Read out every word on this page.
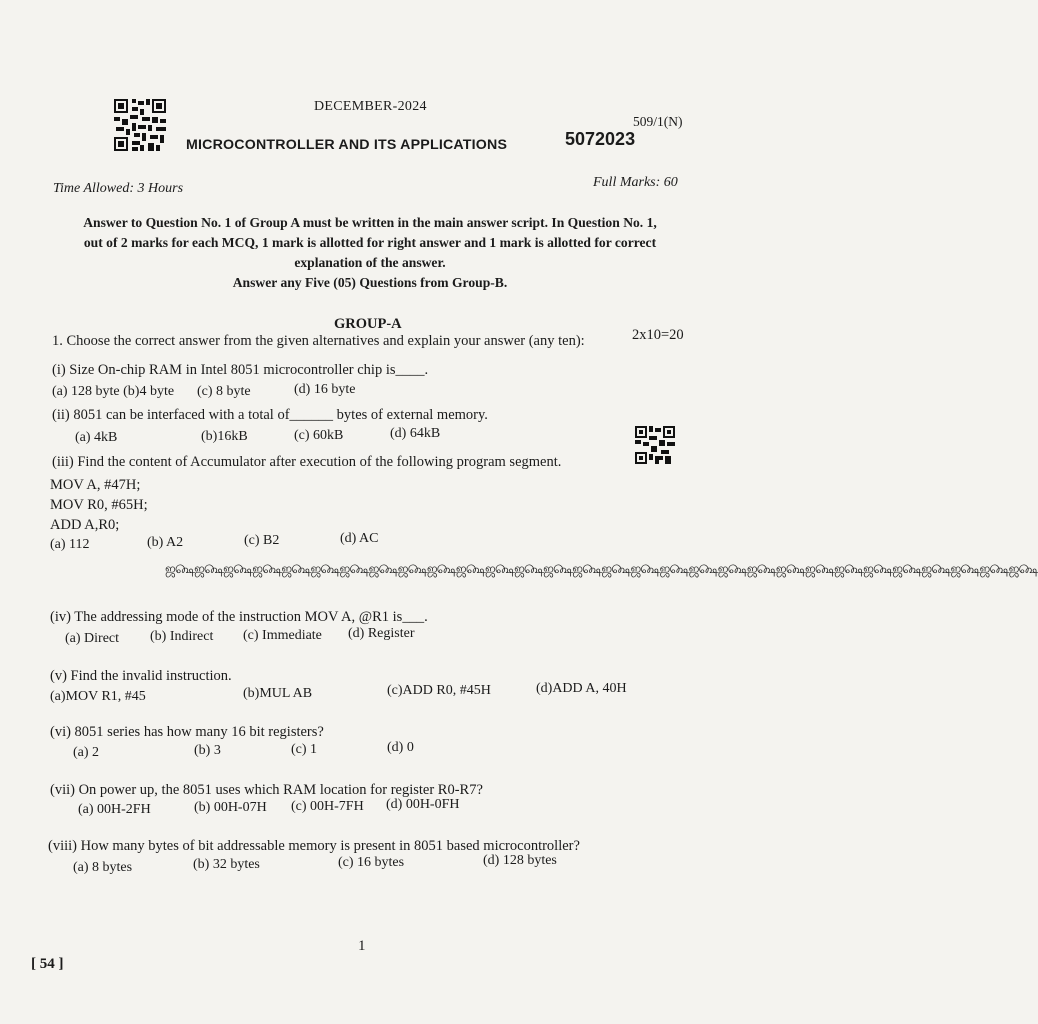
DECEMBER-2024
509/1(N)
MICROCONTROLLER AND ITS APPLICATIONS	5072023
Time Allowed: 3 Hours	Full Marks: 60
Answer to Question No. 1 of Group A must be written in the main answer script. In Question No. 1,
out of 2 marks for each MCQ, 1 mark is allotted for right answer and 1 mark is allotted for correct
explanation of the answer.
Answer any Five (05) Questions from Group-B.
GROUP-A
1. Choose the correct answer from the given alternatives and explain your answer (any ten):	2x10=20
(i) Size On-chip RAM in Intel 8051 microcontroller chip is____.
(a) 128 byte (b)4 byte (c) 8 byte	(d) 16 byte
(ii) 8051 can be interfaced with a total of______ bytes of external memory.
(a) 4kB	(b)16kB	(c) 60kB	(d) 64kB
(iii) Find the content of Accumulator after execution of the following program segment.
MOV A, #47H;
MOV R0, #65H;
ADD A,R0;
(a) 112	(b) A2	(c) B2	(d) AC
ஜ௸ஜ௸ஜ௸ஜ௸ஜ௸ஜ௸ஜ௸ஜ௸ஜ௸ஜ௸ஜ௸ஜ௸ஜ௸ஜ௸ஜ௸ஜ௸ஜ௸ஜ௸ஜ௸ஜ௸ஜ௸ஜ௸ஜ௸ஜ௸ஜ௸ஜ௸ஜ௸ஜ௸ஜ௸ஜ௸
(iv) The addressing mode of the instruction MOV A, @R1 is___.
(a) Direct (b) Indirect (c) Immediate (d) Register
(v) Find the invalid instruction.
(a)MOV R1, #45	(b)MUL AB	(c)ADD R0, #45H	(d)ADD A, 40H
(vi) 8051 series has how many 16 bit registers?
(a) 2	(b) 3	(c) 1	(d) 0
(vii) On power up, the 8051 uses which RAM location for register R0-R7?
(a) 00H-2FH	(b) 00H-07H (c) 00H-7FH (d) 00H-0FH
(viii) How many bytes of bit addressable memory is present in 8051 based microcontroller?
(a) 8 bytes	(b) 32 bytes	(c) 16 bytes	(d) 128 bytes
1
[ 54 ]
